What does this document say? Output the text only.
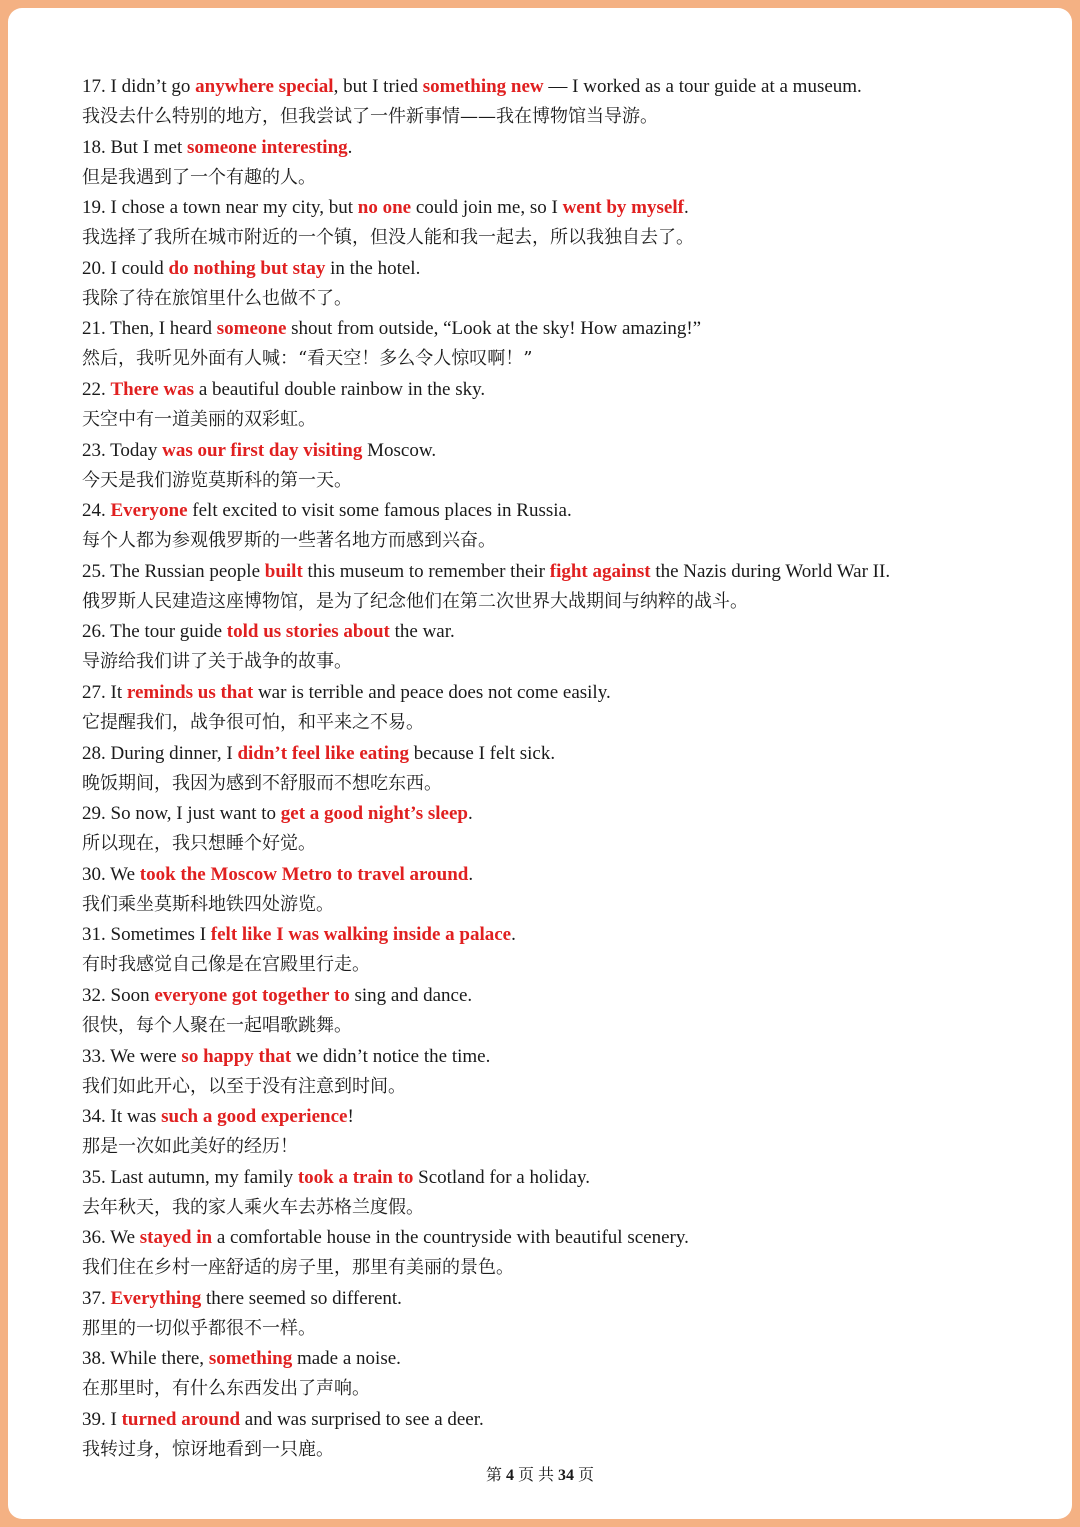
17. I didn’t go anywhere special, but I tried something new — I worked as a tour guide at a museum.
我没去什么特别的地方，但我尝试了一件新事情——我在博物馆当导游。
18. But I met someone interesting.
但是我遇到了一个有趣的人。
19. I chose a town near my city, but no one could join me, so I went by myself.
我选择了我所在城市附近的一个镇，但没人能和我一起去，所以我独自去了。
20. I could do nothing but stay in the hotel.
我除了待在旅馆里什么也做不了。
21. Then, I heard someone shout from outside, “Look at the sky! How amazing!”
然后，我听见外面有人喊：“看天空！多么令人惊叹啊！”
22. There was a beautiful double rainbow in the sky.
天空中有一道美丽的双彩虹。
23. Today was our first day visiting Moscow.
今天是我们游览莫斯科的第一天。
24. Everyone felt excited to visit some famous places in Russia.
每个人都为参观俄罗斯的一些著名地方而感到兴奋。
25. The Russian people built this museum to remember their fight against the Nazis during World War II.
俄罗斯人民建造这座博物馆，是为了纪念他们在第二次世界大战期间与纳粹的战斗。
26. The tour guide told us stories about the war.
导游给我们讲了关于战争的故事。
27. It reminds us that war is terrible and peace does not come easily.
它提醒我们，战争很可怕，和平来之不易。
28. During dinner, I didn’t feel like eating because I felt sick.
晚饭期间，我因为感到不舒服而不想吃东西。
29. So now, I just want to get a good night’s sleep.
所以现在，我只想睡个好觉。
30. We took the Moscow Metro to travel around.
我们乘坐莫斯科地铁四处游览。
31. Sometimes I felt like I was walking inside a palace.
有时我感觉自己像是在宫殿里行走。
32. Soon everyone got together to sing and dance.
很快，每个人聚在一起唱歌跳舞。
33. We were so happy that we didn’t notice the time.
我们如此开心，以至于没有注意到时间。
34. It was such a good experience!
那是一次如此美好的经历！
35. Last autumn, my family took a train to Scotland for a holiday.
去年秋天，我的家人乘火车去苏格兰度假。
36. We stayed in a comfortable house in the countryside with beautiful scenery.
我们住在乡村一座舒适的房子里，那里有美丽的景色。
37. Everything there seemed so different.
那里的一切似乎都很不一样。
38. While there, something made a noise.
在那里时，有什么东西发出了声响。
39. I turned around and was surprised to see a deer.
我转过身，惊讶地看到一只鹿。
第 4 页 共 34 页
